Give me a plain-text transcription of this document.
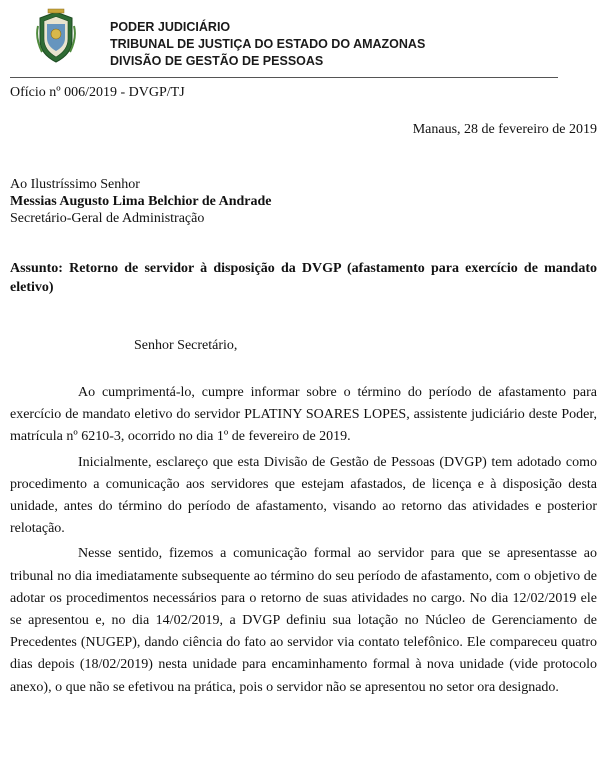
PODER JUDICIÁRIO
TRIBUNAL DE JUSTIÇA DO ESTADO DO AMAZONAS
DIVISÃO DE GESTÃO DE PESSOAS
Ofício nº 006/2019 - DVGP/TJ
Manaus, 28 de fevereiro de 2019
Ao Ilustríssimo Senhor
Messias Augusto Lima Belchior de Andrade
Secretário-Geral de Administração
Assunto: Retorno de servidor à disposição da DVGP (afastamento para exercício de mandato eletivo)
Senhor Secretário,

Ao cumprimentá-lo, cumpre informar sobre o término do período de afastamento para exercício de mandato eletivo do servidor PLATINY SOARES LOPES, assistente judiciário deste Poder, matrícula nº 6210-3, ocorrido no dia 1º de fevereiro de 2019.

Inicialmente, esclareço que esta Divisão de Gestão de Pessoas (DVGP) tem adotado como procedimento a comunicação aos servidores que estejam afastados, de licença e à disposição desta unidade, antes do término do período de afastamento, visando ao retorno das atividades e posterior relotação.

Nesse sentido, fizemos a comunicação formal ao servidor para que se apresentasse ao tribunal no dia imediatamente subsequente ao término do seu período de afastamento, com o objetivo de adotar os procedimentos necessários para o retorno de suas atividades no cargo. No dia 12/02/2019 ele se apresentou e, no dia 14/02/2019, a DVGP definiu sua lotação no Núcleo de Gerenciamento de Precedentes (NUGEP), dando ciência do fato ao servidor via contato telefônico. Ele compareceu quatro dias depois (18/02/2019) nesta unidade para encaminhamento formal à nova unidade (vide protocolo anexo), o que não se efetivou na prática, pois o servidor não se apresentou no setor ora designado.
